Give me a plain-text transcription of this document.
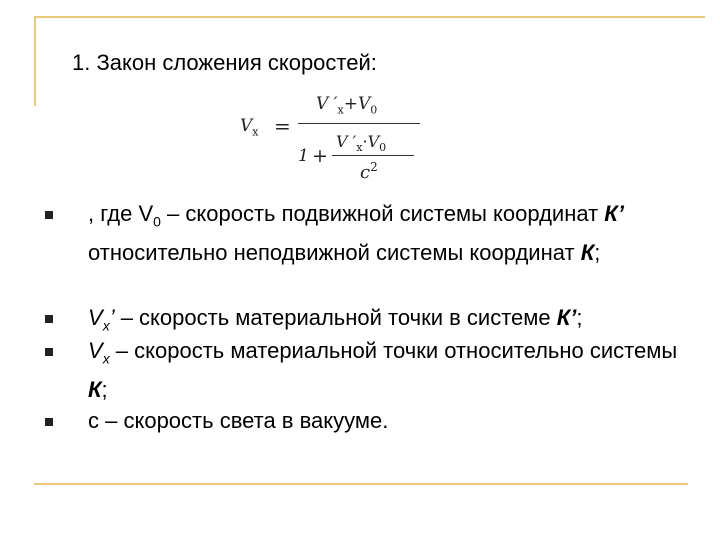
1. Закон сложения скоростей:
$V_x$ =
V $'_x+V_0$
1 +
V $'_x\cdot V_0$
$c^2$
, где $V_0$ – скорость подвижной системы координат К’ относительно неподвижной системы координат К;
$V_x$’ – скорость материальной точки в системе К’;
$V_x$ – скорость материальной точки относительно системы К;
с – скорость света в вакууме.
